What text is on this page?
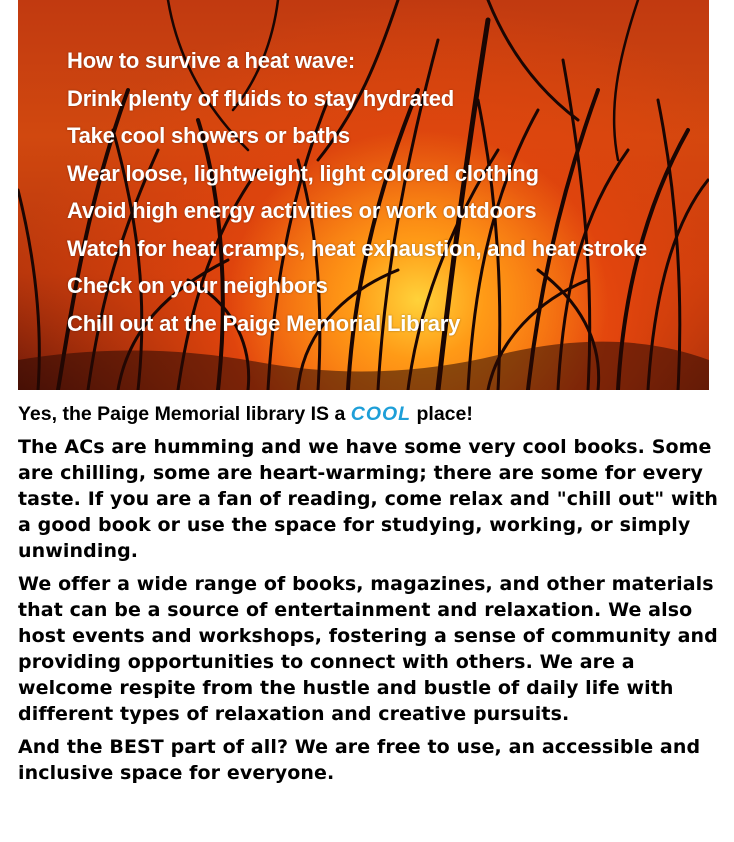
How to survive a heat wave:
Drink plenty of fluids to stay hydrated
Take cool showers or baths
Wear loose, lightweight, light colored clothing
Avoid high energy activities or work outdoors
Watch for heat cramps, heat exhaustion, and heat stroke
Check on your neighbors
Chill out at the Paige Memorial Library

Yes, the Paige Memorial library IS a COOL place!

The ACs are humming and we have some very cool books. Some are chilling, some are heart-warming; there are some for every taste. If you are a fan of reading, come relax and "chill out" with a good book or use the space for studying, working, or simply unwinding.

We offer a wide range of books, magazines, and other materials that can be a source of entertainment and relaxation. We also host events and workshops, fostering a sense of community and providing opportunities to connect with others. We are a welcome respite from the hustle and bustle of daily life with different types of relaxation and creative pursuits.

And the BEST part of all? We are free to use, an accessible and inclusive space for everyone.
